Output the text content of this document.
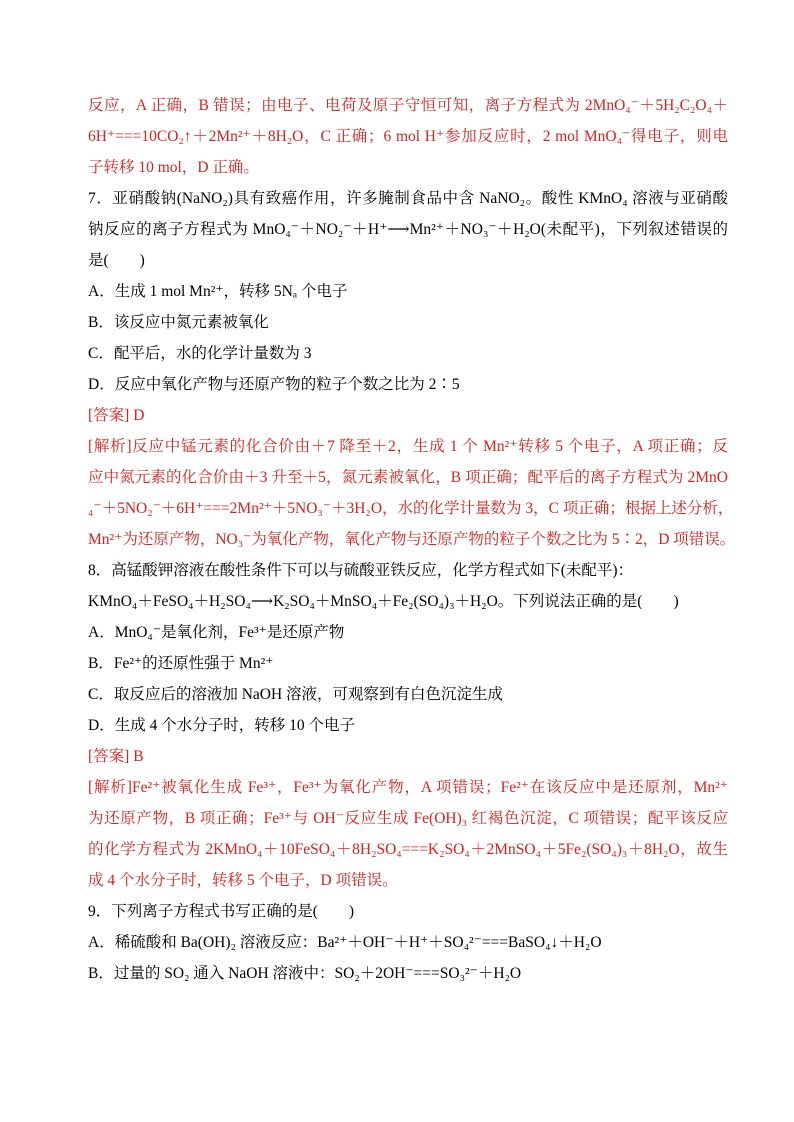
反应，A 正确，B 错误；由电子、电荷及原子守恒可知，离子方程式为 2MnO₄⁻＋5H₂C₂O₄＋
6H⁺===10CO₂↑＋2Mn²⁺＋8H₂O，C 正确；6 mol H⁺参加反应时，2 mol MnO₄⁻得电子，则电
子转移 10 mol，D 正确。
7．亚硝酸钠(NaNO₂)具有致癌作用，许多腌制食品中含 NaNO₂。酸性 KMnO₄ 溶液与亚硝酸
钠反应的离子方程式为 MnO₄⁻＋NO₂⁻＋H⁺⟶Mn²⁺＋NO₃⁻＋H₂O(未配平)，下列叙述错误的
是(　　)
A．生成 1 mol Mn²⁺，转移 5Nₐ 个电子
B．该反应中氮元素被氧化
C．配平后，水的化学计量数为 3
D．反应中氧化产物与还原产物的粒子个数之比为 2∶5
[答案] D
[解析]反应中锰元素的化合价由＋7 降至＋2，生成 1 个 Mn²⁺转移 5 个电子，A 项正确；反
应中氮元素的化合价由＋3 升至＋5，氮元素被氧化，B 项正确；配平后的离子方程式为 2MnO
₄⁻＋5NO₂⁻＋6H⁺===2Mn²⁺＋5NO₃⁻＋3H₂O，水的化学计量数为 3，C 项正确；根据上述分析，
Mn²⁺为还原产物，NO₃⁻为氧化产物，氧化产物与还原产物的粒子个数之比为 5∶2，D 项错误。
8．高锰酸钾溶液在酸性条件下可以与硫酸亚铁反应，化学方程式如下(未配平)：
KMnO₄＋FeSO₄＋H₂SO₄⟶K₂SO₄＋MnSO₄＋Fe₂(SO₄)₃＋H₂O。下列说法正确的是(　　)
A．MnO₄⁻是氧化剂，Fe³⁺是还原产物
B．Fe²⁺的还原性强于 Mn²⁺
C．取反应后的溶液加 NaOH 溶液，可观察到有白色沉淀生成
D．生成 4 个水分子时，转移 10 个电子
[答案] B
[解析]Fe²⁺被氧化生成 Fe³⁺，Fe³⁺为氧化产物，A 项错误；Fe²⁺在该反应中是还原剂，Mn²⁺
为还原产物，B 项正确；Fe³⁺与 OH⁻反应生成 Fe(OH)₃ 红褐色沉淀，C 项错误；配平该反应
的化学方程式为 2KMnO₄＋10FeSO₄＋8H₂SO₄===K₂SO₄＋2MnSO₄＋5Fe₂(SO₄)₃＋8H₂O，故生
成 4 个水分子时，转移 5 个电子，D 项错误。
9．下列离子方程式书写正确的是(　　)
A．稀硫酸和 Ba(OH)₂ 溶液反应：Ba²⁺＋OH⁻＋H⁺＋SO₄²⁻===BaSO₄↓＋H₂O
B．过量的 SO₂ 通入 NaOH 溶液中：SO₂＋2OH⁻===SO₃²⁻＋H₂O
